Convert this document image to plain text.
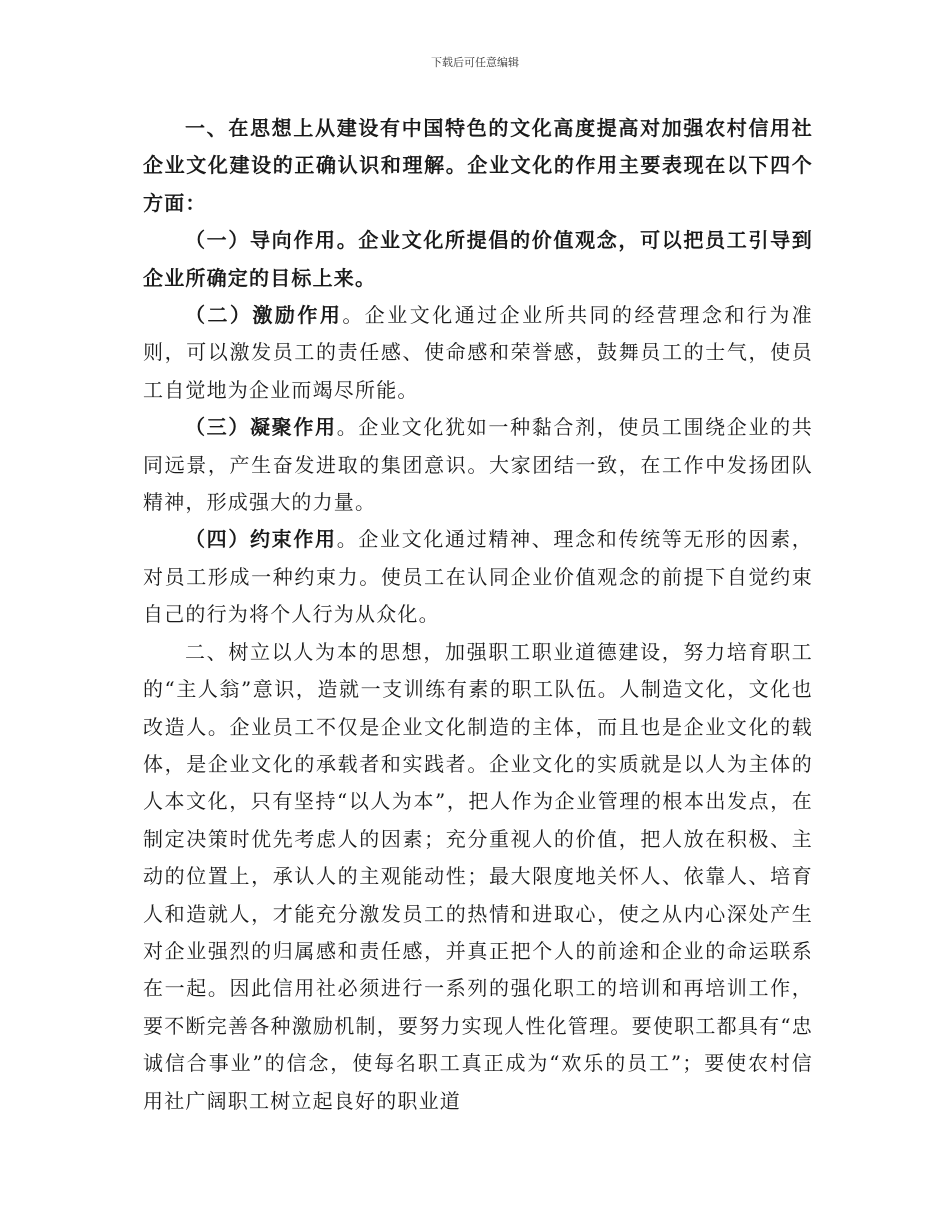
下载后可任意编辑

一、在思想上从建设有中国特色的文化高度提高对加强农村信用社企业文化建设的正确认识和理解。企业文化的作用主要表现在以下四个方面：

（一）导向作用。企业文化所提倡的价值观念，可以把员工引导到企业所确定的目标上来。

（二）激励作用。企业文化通过企业所共同的经营理念和行为准则，可以激发员工的责任感、使命感和荣誉感，鼓舞员工的士气，使员工自觉地为企业而竭尽所能。

（三）凝聚作用。企业文化犹如一种黏合剂，使员工围绕企业的共同远景，产生奋发进取的集团意识。大家团结一致，在工作中发扬团队精神，形成强大的力量。

（四）约束作用。企业文化通过精神、理念和传统等无形的因素，对员工形成一种约束力。使员工在认同企业价值观念的前提下自觉约束自己的行为将个人行为从众化。

二、树立以人为本的思想，加强职工职业道德建设，努力培育职工的“主人翁”意识，造就一支训练有素的职工队伍。人制造文化，文化也改造人。企业员工不仅是企业文化制造的主体，而且也是企业文化的载体，是企业文化的承载者和实践者。企业文化的实质就是以人为主体的人本文化，只有坚持“以人为本”，把人作为企业管理的根本出发点，在制定决策时优先考虑人的因素；充分重视人的价值，把人放在积极、主动的位置上，承认人的主观能动性；最大限度地关怀人、依靠人、培育人和造就人，才能充分激发员工的热情和进取心，使之从内心深处产生对企业强烈的归属感和责任感，并真正把个人的前途和企业的命运联系在一起。因此信用社必须进行一系列的强化职工的培训和再培训工作，要不断完善各种激励机制，要努力实现人性化管理。要使职工都具有“忠诚信合事业”的信念，使每名职工真正成为“欢乐的员工”；要使农村信用社广阔职工树立起良好的职业道
